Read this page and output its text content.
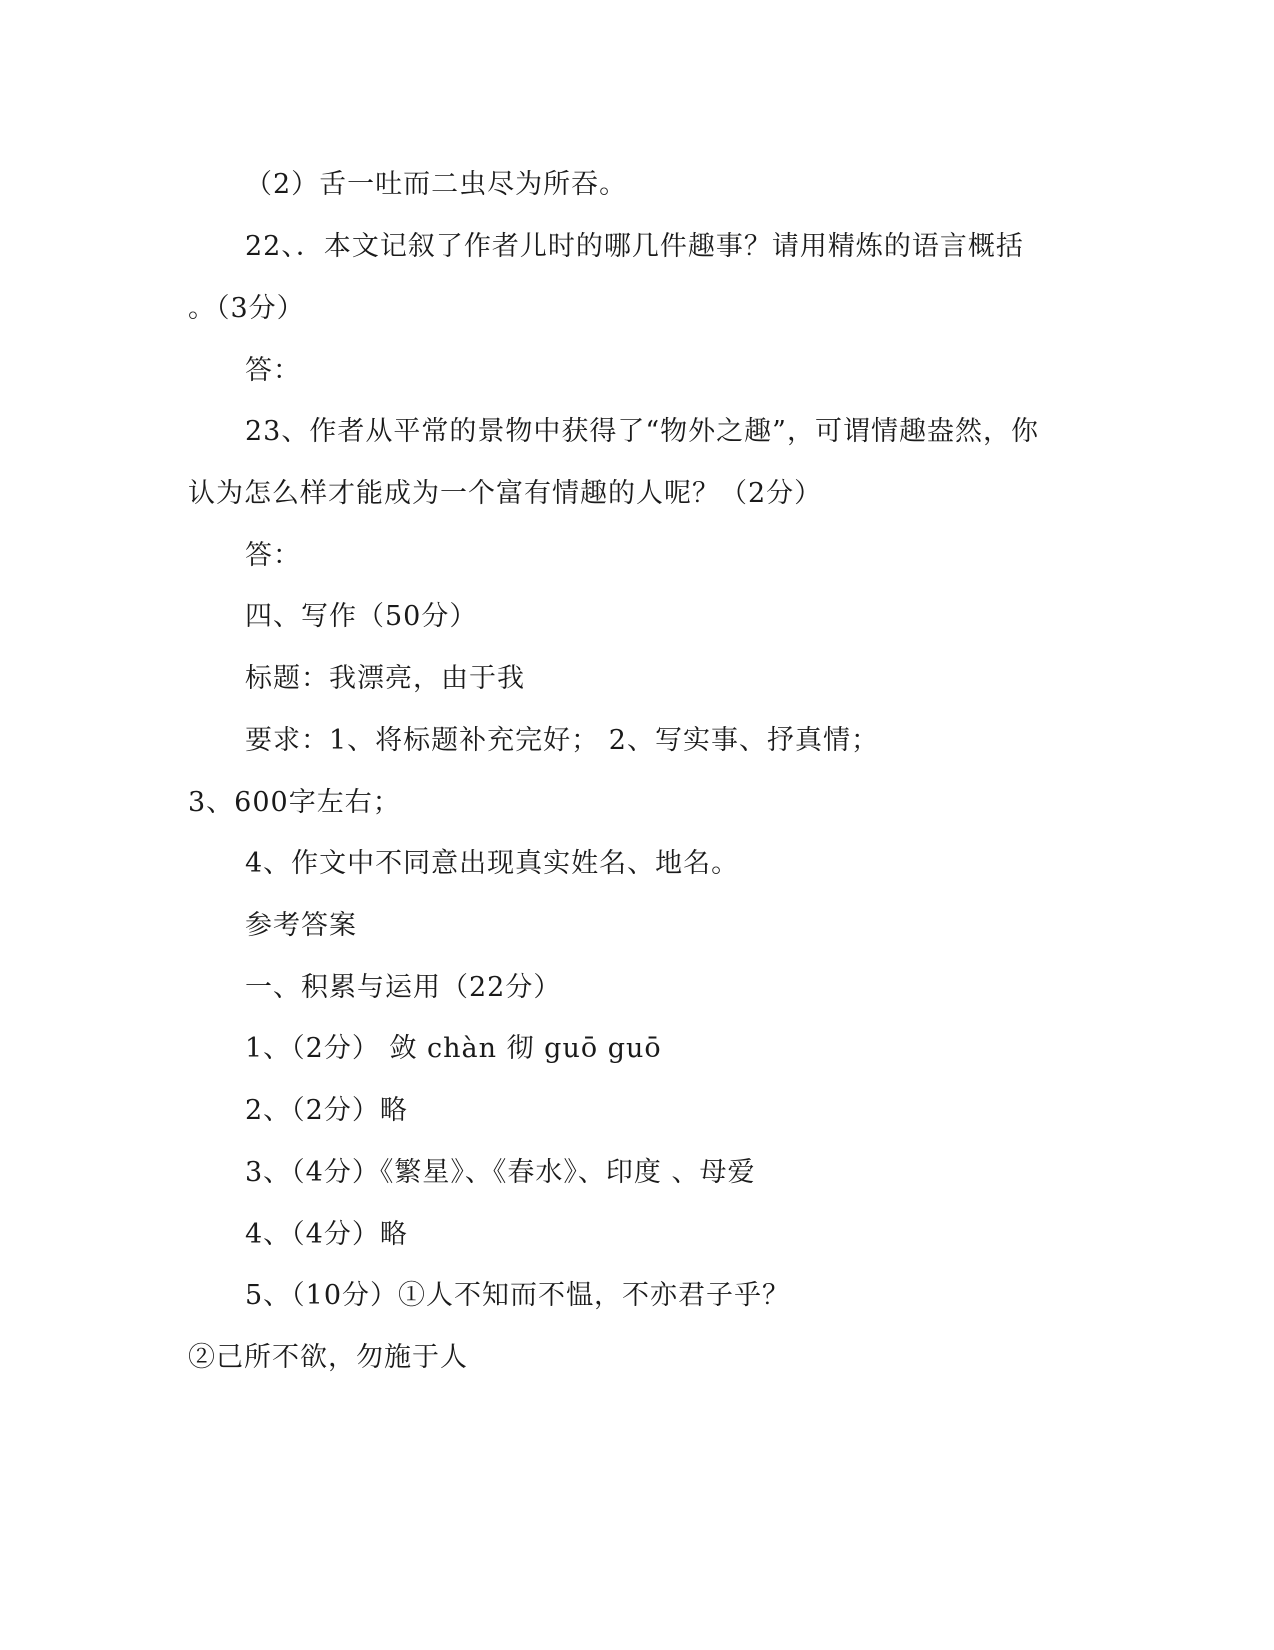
（2）舌一吐而二虫尽为所吞。
22、．本文记叙了作者儿时的哪几件趣事？请用精炼的语言概括
。（3分）
答：
23、作者从平常的景物中获得了“物外之趣”，可谓情趣盎然，你
认为怎么样才能成为一个富有情趣的人呢？（2分）
答：
四、写作（50分）
标题：我漂亮，由于我
要求：1、将标题补充完好； 2、写实事、抒真情；
3、600字左右；
4、作文中不同意出现真实姓名、地名。
参考答案
一、积累与运用（22分）
1、（2分） 敛 chàn 彻 guō guō
2、（2分）略
3、（4分）《繁星》、《春水》、印度 、母爱
4、（4分）略
5、（10分）①人不知而不愠，不亦君子乎？
②己所不欲，勿施于人
